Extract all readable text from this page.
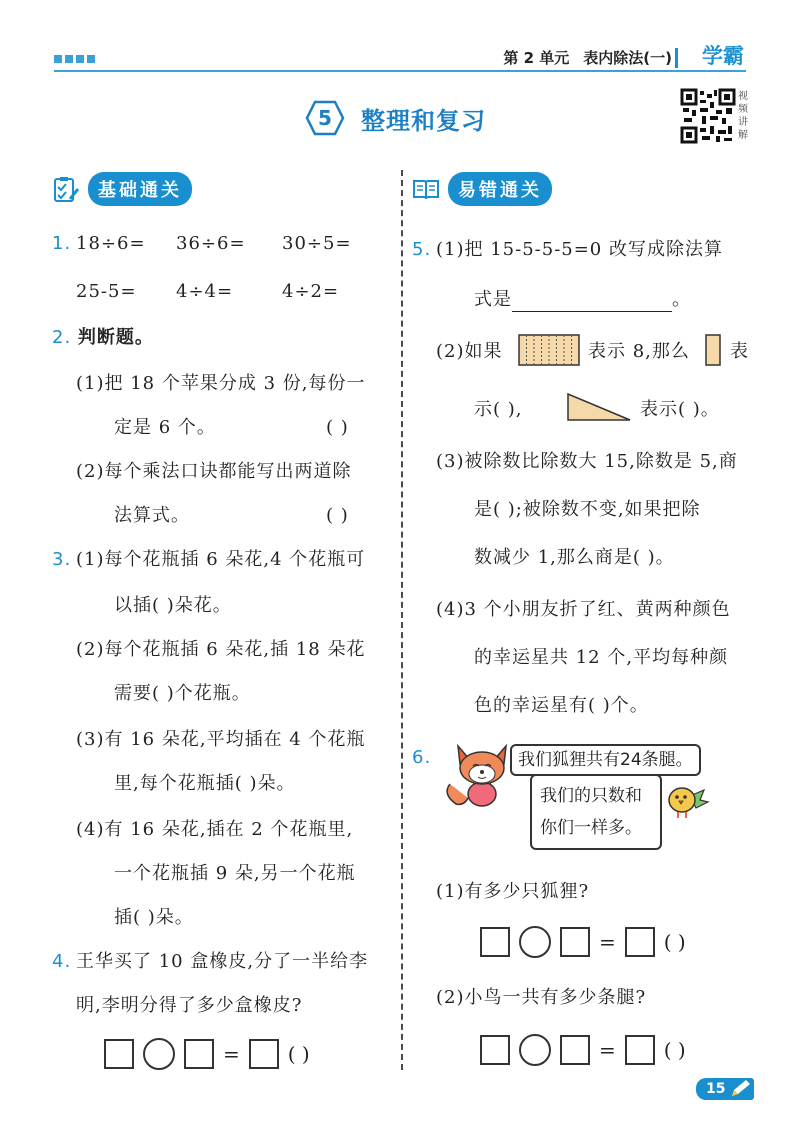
第 2 单元 表内除法(一) 学霸
5	整理和复习
视频讲解
基础通关	易错通关
1. 18÷6= 36÷6= 30÷5=
25-5= 4÷4=	4÷2=
2. 判断题。
(1)把 18 个苹果分成 3 份,每份一
定是 6 个。	( )
(2)每个乘法口诀都能写出两道除
法算式。	( )
3. (1)每个花瓶插 6 朵花,4 个花瓶可
以插( )朵花。
(2)每个花瓶插 6 朵花,插 18 朵花
需要( )个花瓶。
(3)有 16 朵花,平均插在 4 个花瓶
里,每个花瓶插( )朵。
(4)有 16 朵花,插在 2 个花瓶里,
一个花瓶插 9 朵,另一个花瓶
插( )朵。
4. 王华买了 10 盒橡皮,分了一半给李
明,李明分得了多少盒橡皮?
= ( )
5. (1)把 15-5-5-5=0 改写成除法算
式是	。
(2)如果	表示 8,那么 表
示( ),	表示( )。
(3)被除数比除数大 15,除数是 5,商
是( );被除数不变,如果把除
数减少 1,那么商是( )。
(4)3 个小朋友折了红、黄两种颜色
的幸运星共 12 个,平均每种颜
色的幸运星有( )个。
6.	我们狐狸共有24条腿。
我们的只数和
你们一样多。
(1)有多少只狐狸?
= ( )
(2)小鸟一共有多少条腿?
= ( )
15
